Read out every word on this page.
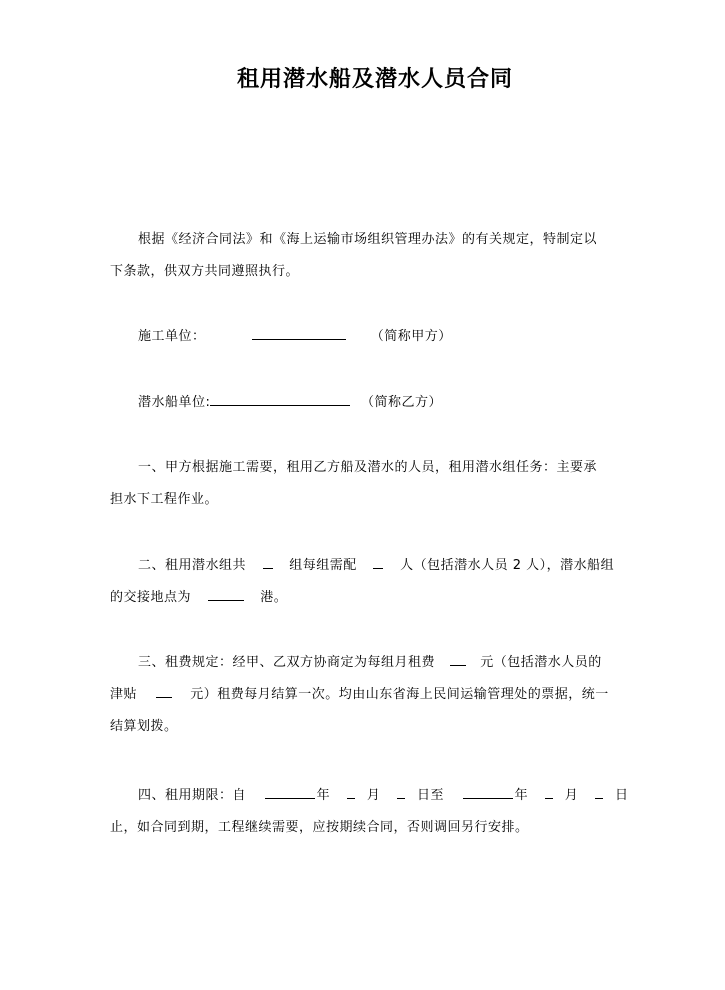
租用潜水船及潜水人员合同
根据《经济合同法》和《海上运输市场组织管理办法》的有关规定，特制定以
下条款，供双方共同遵照执行。
施工单位：	（简称甲方）
潜水船单位:	（简称乙方）
一、甲方根据施工需要，租用乙方船及潜水的人员，租用潜水组任务：主要承
担水下工程作业。
二、租用潜水组共	组每组需配	人（包括潜水人员 2 人），潜水船组
的交接地点为	港。
三、租费规定：经甲、乙双方协商定为每组月租费	元（包括潜水人员的
津贴	元）租费每月结算一次。均由山东省海上民间运输管理处的票据，统一
结算划拨。
四、租用期限：自	年	月	日至	年	月	日
止，如合同到期，工程继续需要，应按期续合同，否则调回另行安排。
